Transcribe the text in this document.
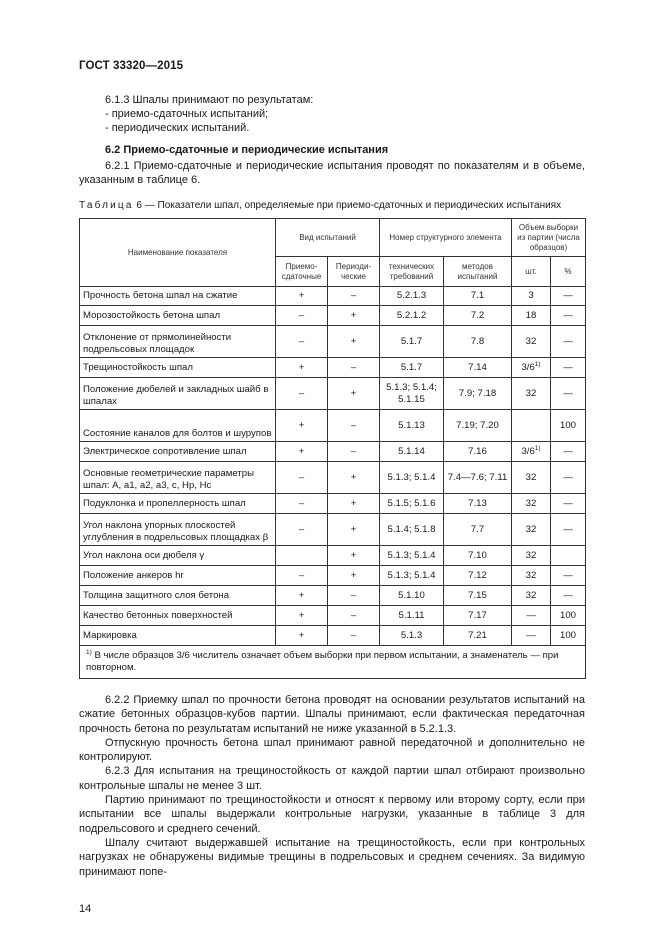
ГОСТ 33320—2015
6.1.3 Шпалы принимают по результатам:
- приемо-сдаточных испытаний;
- периодических испытаний.
6.2 Приемо-сдаточные и периодические испытания
6.2.1 Приемо-сдаточные и периодические испытания проводят по показателям и в объеме, указанным в таблице 6.
Таблица 6 — Показатели шпал, определяемые при приемо-сдаточных и периодических испытаниях
Наименование показателя	Вид испытаний		Номер структурного элемента		Объем выборки из партии (числа образцов)	
	Приемо-сдаточные	Периоди-ческие	технических требований	методов испытаний	шт.	%
Прочность бетона шпал на сжатие	+	–	5.2.1.3	7.1	3	—
Морозостойкость бетона шпал	–	+	5.2.1.2	7.2	18	—
Отклонение от прямолинейности подрельсовых площадок	–	+	5.1.7	7.8	32	—
Трещиностойкость шпал	+	–	5.1.7	7.14	3/6$^{1)}$	—
Положение дюбелей и закладных шайб в шпалах	–	+	5.1.3; 5.1.4; 5.1.15	7.9; 7.18	32	—
Состояние каналов для болтов и шурупов	+	–	5.1.13	7.19; 7.20		100
Электрическое сопротивление шпал	+	–	5.1.14	7.16	3/6$^{1)}$	—
Основные геометрические параметры шпал: A, a1, a2, a3, c, Hp, Hc	–	+	5.1.3; 5.1.4	7.4—7.6; 7.11	32	—
Подуклонка и пропеллерность шпал	–	+	5.1.5; 5.1.6	7.13	32	—
Угол наклона упорных плоскостей углубления в подрельсовых площадках β	–	+	5.1.4; 5.1.8	7.7	32	—
Угол наклона оси дюбеля γ		+	5.1.3; 5.1.4	7.10	32	
Положение анкеров hr	–	+	5.1.3; 5.1.4	7.12	32	—
Толщина защитного слоя бетона	+	–	5.1.10	7.15	32	—
Качество бетонных поверхностей	+	–	5.1.11	7.17	—	100
Маркировка	+	–	5.1.3	7.21	—	100
$^{1)}$ В числе образцов 3/6 числитель означает объем выборки при первом испытании, а знаменатель — при повторном.						
6.2.2 Приемку шпал по прочности бетона проводят на основании результатов испытаний на сжатие бетонных образцов-кубов партии. Шпалы принимают, если фактическая передаточная прочность бетона по результатам испытаний не ниже указанной в 5.2.1.3.
Отпускную прочность бетона шпал принимают равной передаточной и дополнительно не контролируют.
6.2.3 Для испытания на трещиностойкость от каждой партии шпал отбирают произвольно контрольные шпалы не менее 3 шт.
Партию принимают по трещиностойкости и относят к первому или второму сорту, если при испытании все шпалы выдержали контрольные нагрузки, указанные в таблице 3 для подрельсового и среднего сечений.
Шпалу считают выдержавшей испытание на трещиностойкость, если при контрольных нагрузках не обнаружены видимые трещины в подрельсовых и среднем сечениях. За видимую принимают попе-
14
